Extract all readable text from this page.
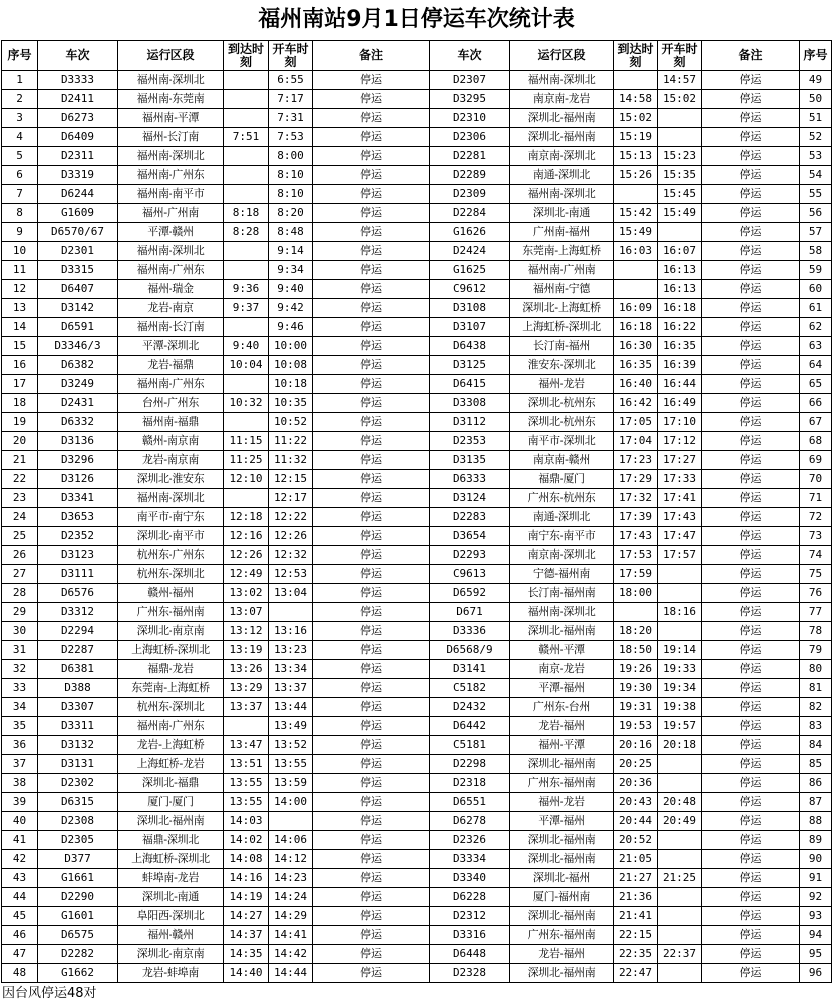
福州南站9月1日停运车次统计表
序号	车次	运行区段	到达时刻	开车时刻	备注	车次	运行区段	到达时刻	开车时刻	备注	序号
1	D3333	福州南-深圳北		6:55	停运	D2307	福州南-深圳北		14:57	停运	49
2	D2411	福州南-东莞南		7:17	停运	D3295	南京南-龙岩	14:58	15:02	停运	50
3	D6273	福州南-平潭		7:31	停运	D2310	深圳北-福州南	15:02		停运	51
4	D6409	福州-长汀南	7:51	7:53	停运	D2306	深圳北-福州南	15:19		停运	52
5	D2311	福州南-深圳北		8:00	停运	D2281	南京南-深圳北	15:13	15:23	停运	53
6	D3319	福州南-广州东		8:10	停运	D2289	南通-深圳北	15:26	15:35	停运	54
7	D6244	福州南-南平市		8:10	停运	D2309	福州南-深圳北		15:45	停运	55
8	G1609	福州-广州南	8:18	8:20	停运	D2284	深圳北-南通	15:42	15:49	停运	56
9	D6570/67	平潭-赣州	8:28	8:48	停运	G1626	广州南-福州	15:49		停运	57
10	D2301	福州南-深圳北		9:14	停运	D2424	东莞南-上海虹桥	16:03	16:07	停运	58
11	D3315	福州南-广州东		9:34	停运	G1625	福州南-广州南		16:13	停运	59
12	D6407	福州-瑞金	9:36	9:40	停运	C9612	福州南-宁德		16:13	停运	60
13	D3142	龙岩-南京	9:37	9:42	停运	D3108	深圳北-上海虹桥	16:09	16:18	停运	61
14	D6591	福州南-长汀南		9:46	停运	D3107	上海虹桥-深圳北	16:18	16:22	停运	62
15	D3346/3	平潭-深圳北	9:40	10:00	停运	D6438	长汀南-福州	16:30	16:35	停运	63
16	D6382	龙岩-福鼎	10:04	10:08	停运	D3125	淮安东-深圳北	16:35	16:39	停运	64
17	D3249	福州南-广州东		10:18	停运	D6415	福州-龙岩	16:40	16:44	停运	65
18	D2431	台州-广州东	10:32	10:35	停运	D3308	深圳北-杭州东	16:42	16:49	停运	66
19	D6332	福州南-福鼎		10:52	停运	D3112	深圳北-杭州东	17:05	17:10	停运	67
20	D3136	赣州-南京南	11:15	11:22	停运	D2353	南平市-深圳北	17:04	17:12	停运	68
21	D3296	龙岩-南京南	11:25	11:32	停运	D3135	南京南-赣州	17:23	17:27	停运	69
22	D3126	深圳北-淮安东	12:10	12:15	停运	D6333	福鼎-厦门	17:29	17:33	停运	70
23	D3341	福州南-深圳北		12:17	停运	D3124	广州东-杭州东	17:32	17:41	停运	71
24	D3653	南平市-南宁东	12:18	12:22	停运	D2283	南通-深圳北	17:39	17:43	停运	72
25	D2352	深圳北-南平市	12:16	12:26	停运	D3654	南宁东-南平市	17:43	17:47	停运	73
26	D3123	杭州东-广州东	12:26	12:32	停运	D2293	南京南-深圳北	17:53	17:57	停运	74
27	D3111	杭州东-深圳北	12:49	12:53	停运	C9613	宁德-福州南	17:59		停运	75
28	D6576	赣州-福州	13:02	13:04	停运	D6592	长汀南-福州南	18:00		停运	76
29	D3312	广州东-福州南	13:07		停运	D671	福州南-深圳北		18:16	停运	77
30	D2294	深圳北-南京南	13:12	13:16	停运	D3336	深圳北-福州南	18:20		停运	78
31	D2287	上海虹桥-深圳北	13:19	13:23	停运	D6568/9	赣州-平潭	18:50	19:14	停运	79
32	D6381	福鼎-龙岩	13:26	13:34	停运	D3141	南京-龙岩	19:26	19:33	停运	80
33	D388	东莞南-上海虹桥	13:29	13:37	停运	C5182	平潭-福州	19:30	19:34	停运	81
34	D3307	杭州东-深圳北	13:37	13:44	停运	D2432	广州东-台州	19:31	19:38	停运	82
35	D3311	福州南-广州东		13:49	停运	D6442	龙岩-福州	19:53	19:57	停运	83
36	D3132	龙岩-上海虹桥	13:47	13:52	停运	C5181	福州-平潭	20:16	20:18	停运	84
37	D3131	上海虹桥-龙岩	13:51	13:55	停运	D2298	深圳北-福州南	20:25		停运	85
38	D2302	深圳北-福鼎	13:55	13:59	停运	D2318	广州东-福州南	20:36		停运	86
39	D6315	厦门-厦门	13:55	14:00	停运	D6551	福州-龙岩	20:43	20:48	停运	87
40	D2308	深圳北-福州南	14:03		停运	D6278	平潭-福州	20:44	20:49	停运	88
41	D2305	福鼎-深圳北	14:02	14:06	停运	D2326	深圳北-福州南	20:52		停运	89
42	D377	上海虹桥-深圳北	14:08	14:12	停运	D3334	深圳北-福州南	21:05		停运	90
43	G1661	蚌埠南-龙岩	14:16	14:23	停运	D3340	深圳北-福州	21:27	21:25	停运	91
44	D2290	深圳北-南通	14:19	14:24	停运	D6228	厦门-福州南	21:36		停运	92
45	G1601	阜阳西-深圳北	14:27	14:29	停运	D2312	深圳北-福州南	21:41		停运	93
46	D6575	福州-赣州	14:37	14:41	停运	D3316	广州东-福州南	22:15		停运	94
47	D2282	深圳北-南京南	14:35	14:42	停运	D6448	龙岩-福州	22:35	22:37	停运	95
48	G1662	龙岩-蚌埠南	14:40	14:44	停运	D2328	深圳北-福州南	22:47		停运	96
因台风停运48对
